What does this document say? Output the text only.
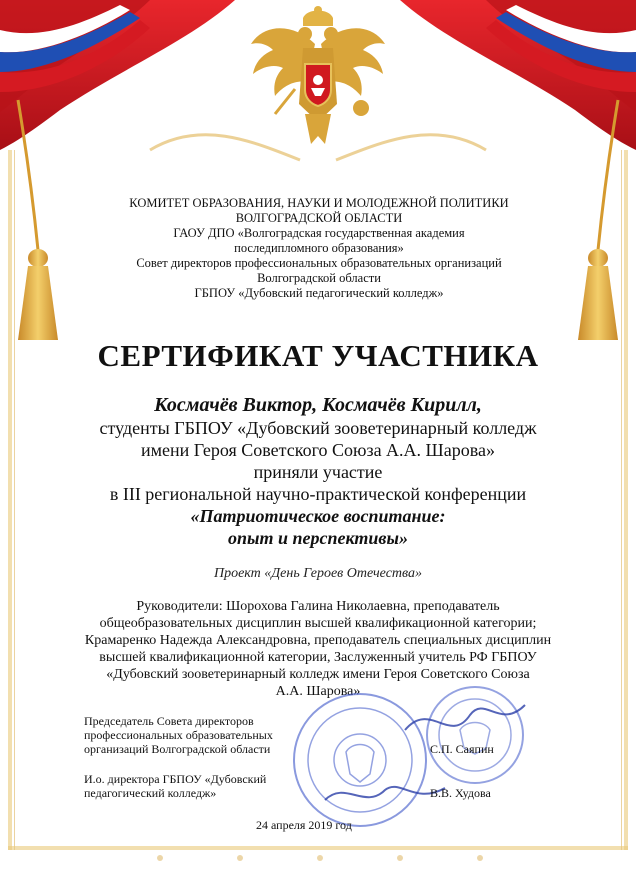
КОМИТЕТ ОБРАЗОВАНИЯ, НАУКИ И МОЛОДЕЖНОЙ ПОЛИТИКИ
ВОЛГОГРАДСКОЙ ОБЛАСТИ
ГАОУ ДПО «Волгоградская государственная академия
последипломного образования»
Совет директоров профессиональных образовательных организаций
Волгоградской области
ГБПОУ «Дубовский педагогический колледж»
СЕРТИФИКАТ УЧАСТНИКА
Космачёв Виктор, Космачёв Кирилл,
студенты ГБПОУ «Дубовский зооветеринарный колледж
имени Героя Советского Союза А.А. Шарова»
приняли участие
в III региональной научно-практической конференции
«Патриотическое воспитание:
опыт и перспективы»
Проект «День Героев Отечества»
Руководители: Шорохова Галина Николаевна, преподаватель
общеобразовательных дисциплин высшей квалификационной категории;
Крамаренко Надежда Александровна, преподаватель специальных дисциплин
высшей квалификационной категории, Заслуженный учитель РФ ГБПОУ
«Дубовский зооветеринарный колледж имени Героя Советского Союза
А.А. Шарова»
Председатель Совета директоров
профессиональных образовательных
организаций Волгоградской области	С.П. Саяпин
И.о. директора ГБПОУ «Дубовский
педагогический колледж»	В.В. Худова
24 апреля 2019 год
